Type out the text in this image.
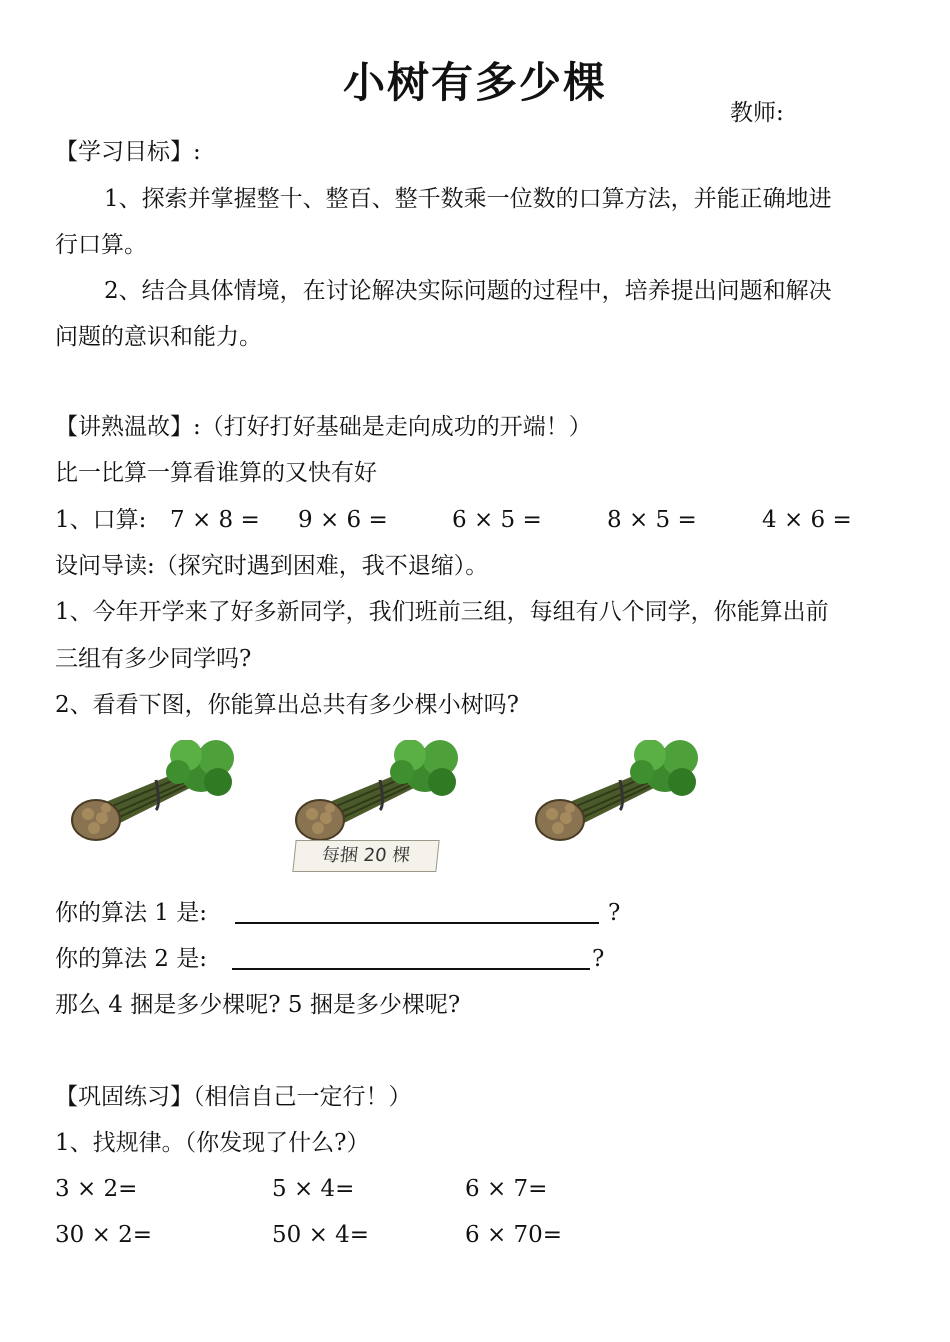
小树有多少棵
教师:
【学习目标】:
1、探索并掌握整十、整百、整千数乘一位数的口算方法，并能正确地进
行口算。
2、结合具体情境，在讨论解决实际问题的过程中，培养提出问题和解决
问题的意识和能力。
【讲熟温故】:（打好打好基础是走向成功的开端！）
比一比算一算看谁算的又快有好
1、口算: 7 × 8 = 9 × 6 =	6 × 5 =	8 × 5 =	4 × 6 =
设问导读:（探究时遇到困难，我不退缩）。
1、今年开学来了好多新同学，我们班前三组，每组有八个同学，你能算出前
三组有多少同学吗?
2、看看下图，你能算出总共有多少棵小树吗?
每捆 20 棵
你的算法 1 是:	?
你的算法 2 是:	?
那么 4 捆是多少棵呢? 5 捆是多少棵呢?
【巩固练习】（相信自己一定行！）
1、找规律。（你发现了什么?）
3 × 2=	5 × 4=	6 × 7=
30 × 2=	50 × 4=	6 × 70=
